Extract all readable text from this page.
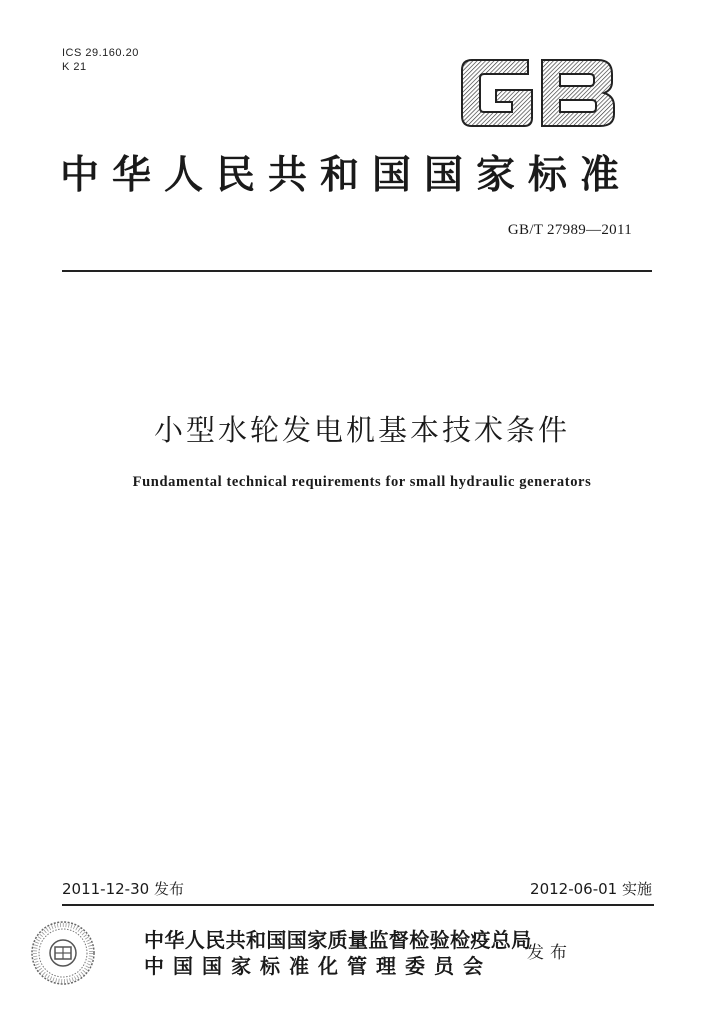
ICS 29.160.20
K 21
中华人民共和国国家标准
GB/T 27989—2011
小型水轮发电机基本技术条件
Fundamental technical requirements for small hydraulic generators
2011-12-30 发布	2012-06-01 实施
中华人民共和国国家质量监督检验检疫总局
中国国家标准化管理委员会
发布
